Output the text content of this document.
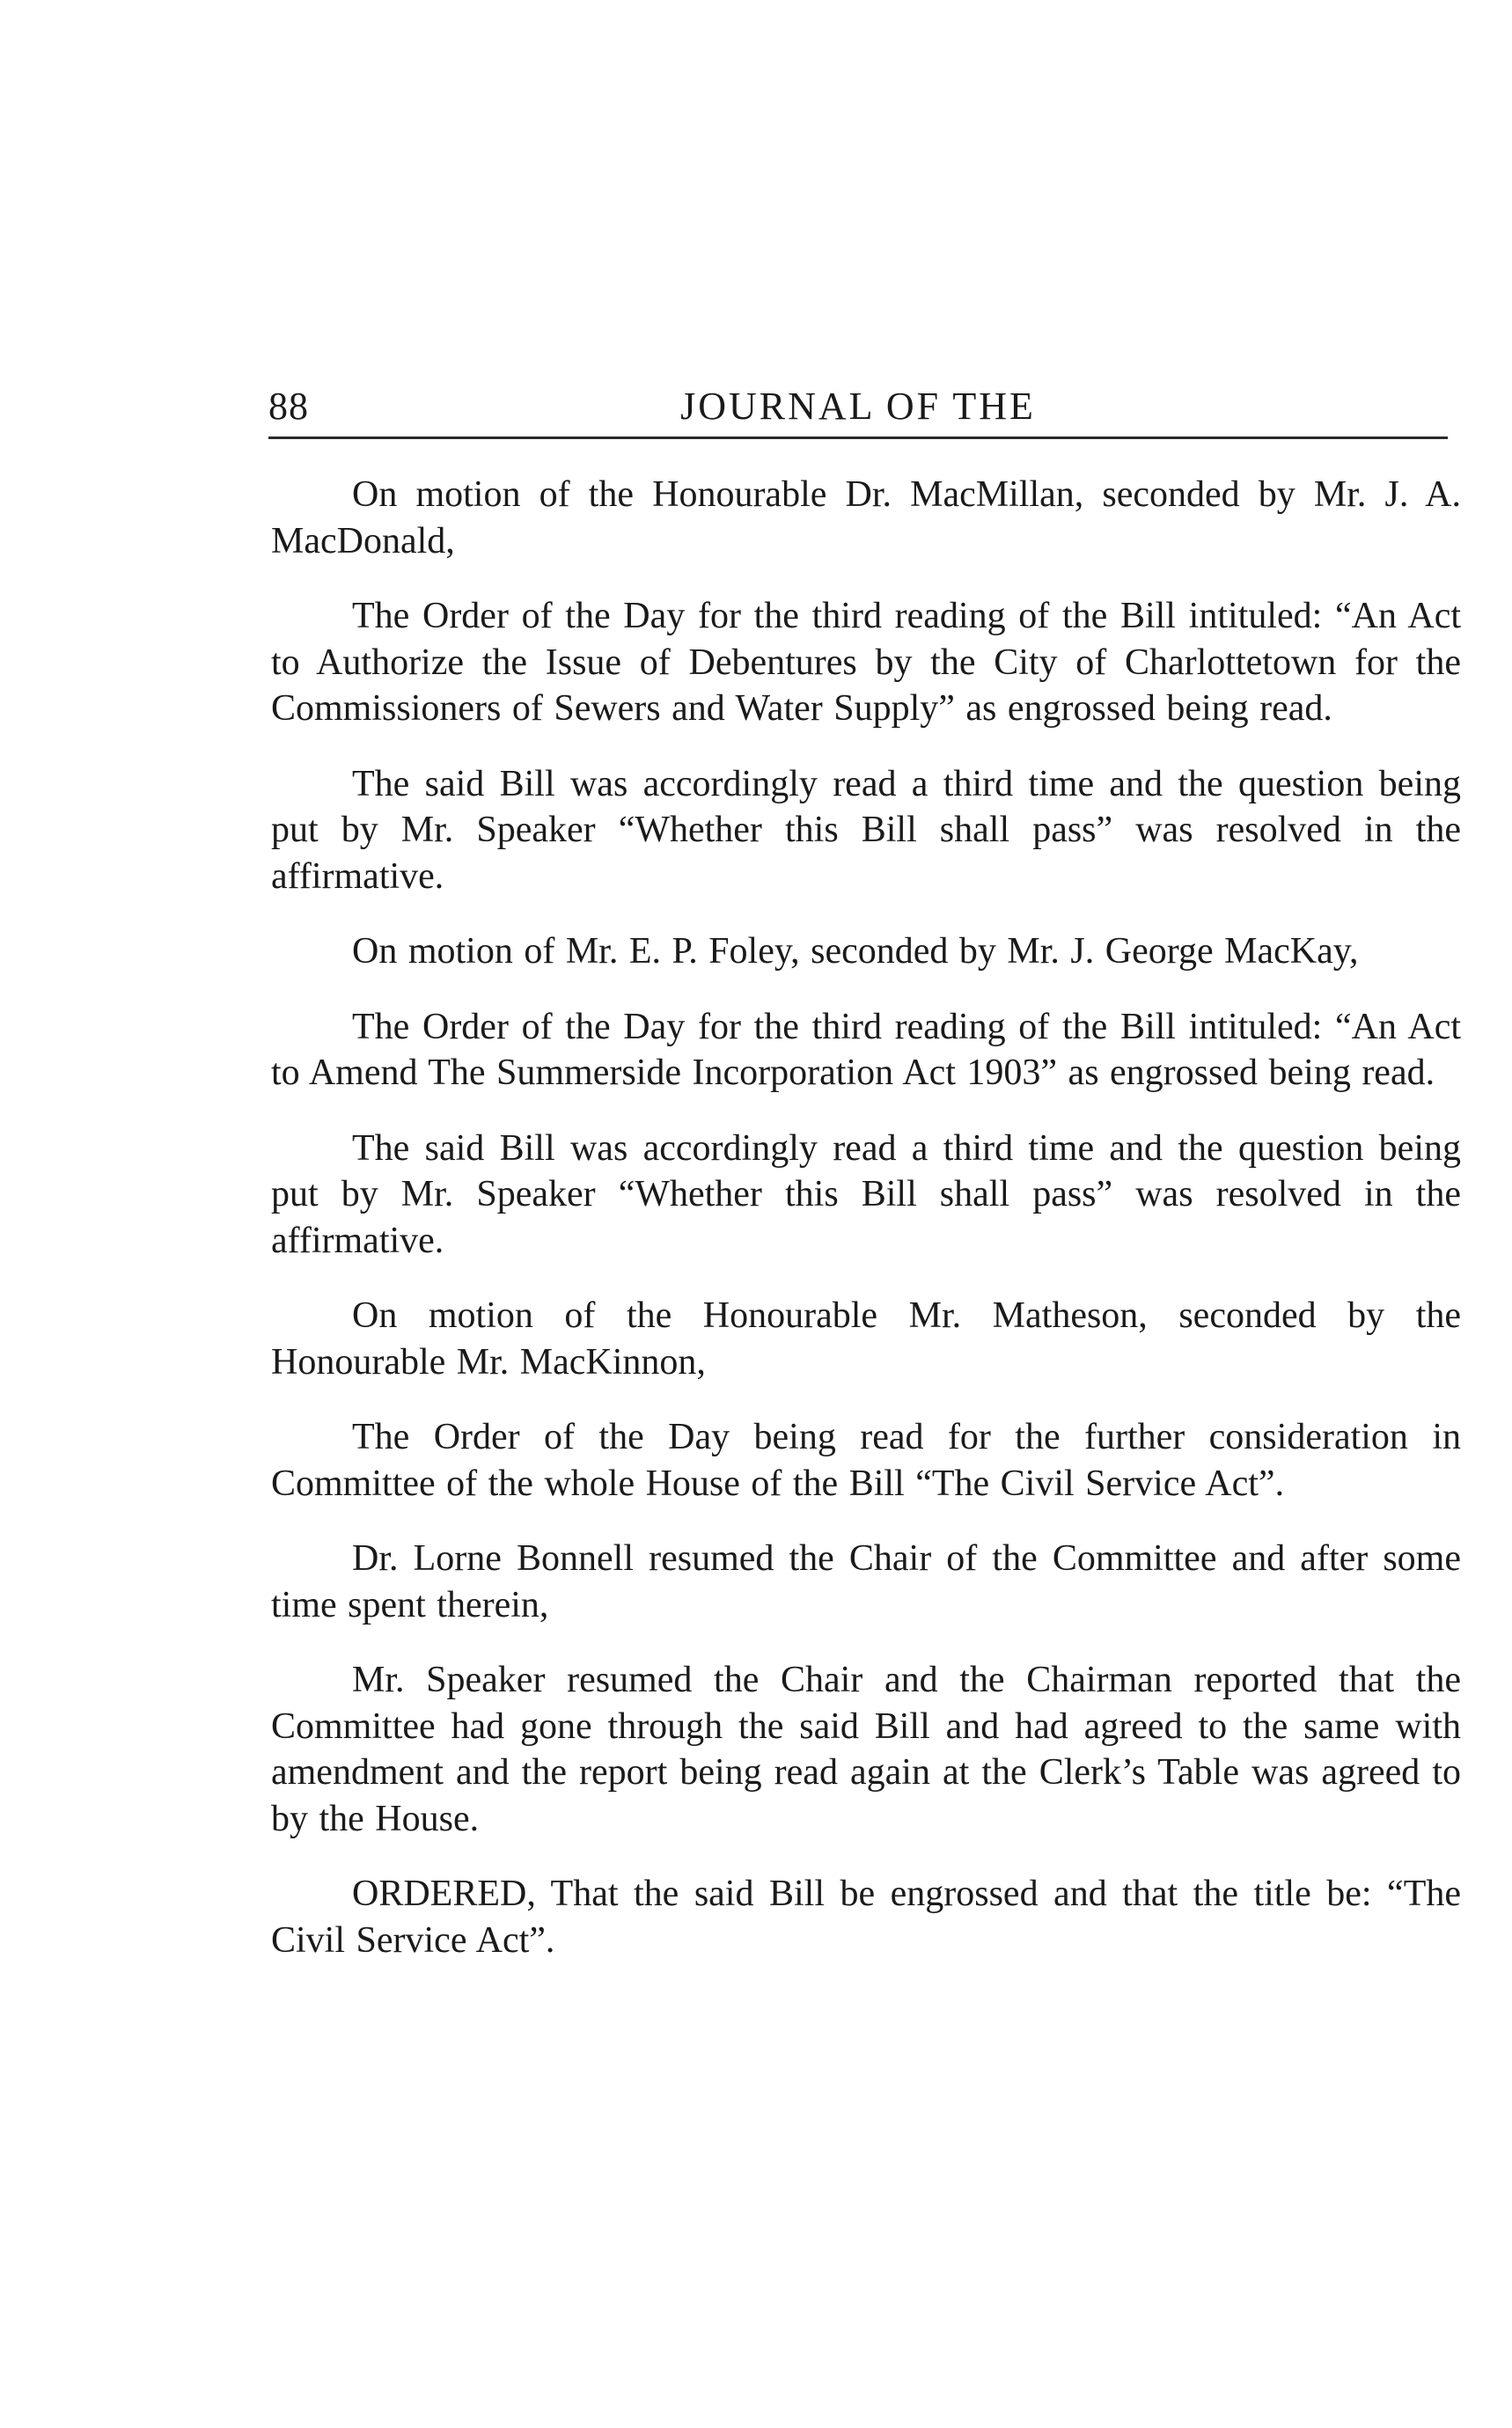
88	JOURNAL OF THE

On motion of the Honourable Dr. MacMillan, seconded by Mr. J. A. MacDonald,

The Order of the Day for the third reading of the Bill intituled: “An Act to Authorize the Issue of Debentures by the City of Charlottetown for the Commissioners of Sewers and Water Supply” as engrossed being read.

The said Bill was accordingly read a third time and the question being put by Mr. Speaker “Whether this Bill shall pass” was resolved in the affirmative.

On motion of Mr. E. P. Foley, seconded by Mr. J. George MacKay,

The Order of the Day for the third reading of the Bill intituled: “An Act to Amend The Summerside Incorporation Act 1903” as engrossed being read.

The said Bill was accordingly read a third time and the question being put by Mr. Speaker “Whether this Bill shall pass” was resolved in the affirmative.

On motion of the Honourable Mr. Matheson, seconded by the Honourable Mr. MacKinnon,

The Order of the Day being read for the further consideration in Committee of the whole House of the Bill “The Civil Service Act”.

Dr. Lorne Bonnell resumed the Chair of the Committee and after some time spent therein,

Mr. Speaker resumed the Chair and the Chairman reported that the Committee had gone through the said Bill and had agreed to the same with amendment and the report being read again at the Clerk’s Table was agreed to by the House.

ORDERED, That the said Bill be engrossed and that the title be: “The Civil Service Act”.
